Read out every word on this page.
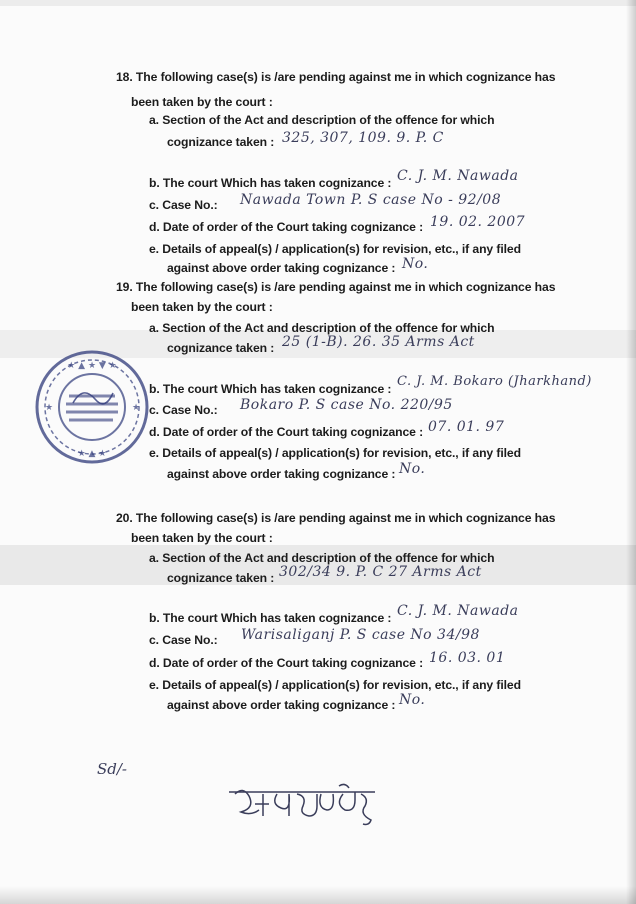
18. The following case(s) is /are pending against me in which cognizance has
been taken by the court :
a. Section of the Act and description of the offence for which
cognizance taken : 325, 307, 109. 9. P. C
b. The court Which has taken cognizance : C. J. M. Nawada
c. Case No.: Nawada Town P. S case No - 92/08
d. Date of order of the Court taking cognizance : 19. 02. 2007
e. Details of appeal(s) / application(s) for revision, etc., if any filed
against above order taking cognizance : No.
19. The following case(s) is /are pending against me in which cognizance has
been taken by the court :
a. Section of the Act and description of the offence for which
cognizance taken : 25 (1-B). 26. 35 Arms Act
b. The court Which has taken cognizance : C. J. M. Bokaro (Jharkhand)
c. Case No.: Bokaro P. S case No. 220/95
d. Date of order of the Court taking cognizance : 07. 01. 97
e. Details of appeal(s) / application(s) for revision, etc., if any filed
against above order taking cognizance : No.
20. The following case(s) is /are pending against me in which cognizance has
been taken by the court :
a. Section of the Act and description of the offence for which
cognizance taken : 302/34 9. P. C 27 Arms Act
b. The court Which has taken cognizance : C. J. M. Nawada
c. Case No.: Warisaliganj P. S case No 34/98
d. Date of order of the Court taking cognizance : 16. 03. 01
e. Details of appeal(s) / application(s) for revision, etc., if any filed
against above order taking cognizance : No.
Sd/-
★ ▲ ★ ▼ ★
★	★
★ ▲ ★
